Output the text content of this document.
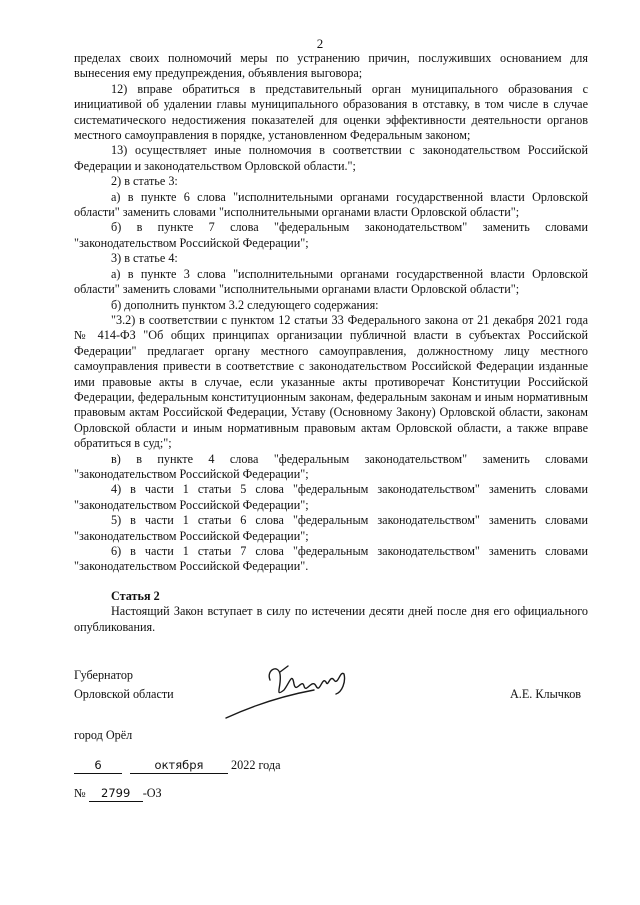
2

пределах своих полномочий меры по устранению причин, послуживших основанием для вынесения ему предупреждения, объявления выговора;

12) вправе обратиться в представительный орган муниципального образования с инициативой об удалении главы муниципального образования в отставку, в том числе в случае систематического недостижения показателей для оценки эффективности деятельности органов местного самоуправления в порядке, установленном Федеральным законом;

13) осуществляет иные полномочия в соответствии с законодательством Российской Федерации и законодательством Орловской области.";

2) в статье 3:

а) в пункте 6 слова "исполнительными органами государственной власти Орловской области" заменить словами "исполнительными органами власти Орловской области";

б) в пункте 7 слова "федеральным законодательством" заменить словами "законодательством Российской Федерации";

3) в статье 4:

а) в пункте 3 слова "исполнительными органами государственной власти Орловской области" заменить словами "исполнительными органами власти Орловской области";

б) дополнить пунктом 3.2 следующего содержания:

"3.2) в соответствии с пунктом 12 статьи 33 Федерального закона от 21 декабря 2021 года № 414-ФЗ "Об общих принципах организации публичной власти в субъектах Российской Федерации" предлагает органу местного самоуправления, должностному лицу местного самоуправления привести в соответствие с законодательством Российской Федерации изданные ими правовые акты в случае, если указанные акты противоречат Конституции Российской Федерации, федеральным конституционным законам, федеральным законам и иным нормативным правовым актам Российской Федерации, Уставу (Основному Закону) Орловской области, законам Орловской области и иным нормативным правовым актам Орловской области, а также вправе обратиться в суд;";

в) в пункте 4 слова "федеральным законодательством" заменить словами "законодательством Российской Федерации";

4) в части 1 статьи 5 слова "федеральным законодательством" заменить словами "законодательством Российской Федерации";

5) в части 1 статьи 6 слова "федеральным законодательством" заменить словами "законодательством Российской Федерации";

6) в части 1 статьи 7 слова "федеральным законодательством" заменить словами "законодательством Российской Федерации".

Статья 2

Настоящий Закон вступает в силу по истечении десяти дней после дня его официального опубликования.

Губернатор
Орловской области	А.Е. Клычков
город Орёл
6	октября 2022 года
№ 2799 -ОЗ
